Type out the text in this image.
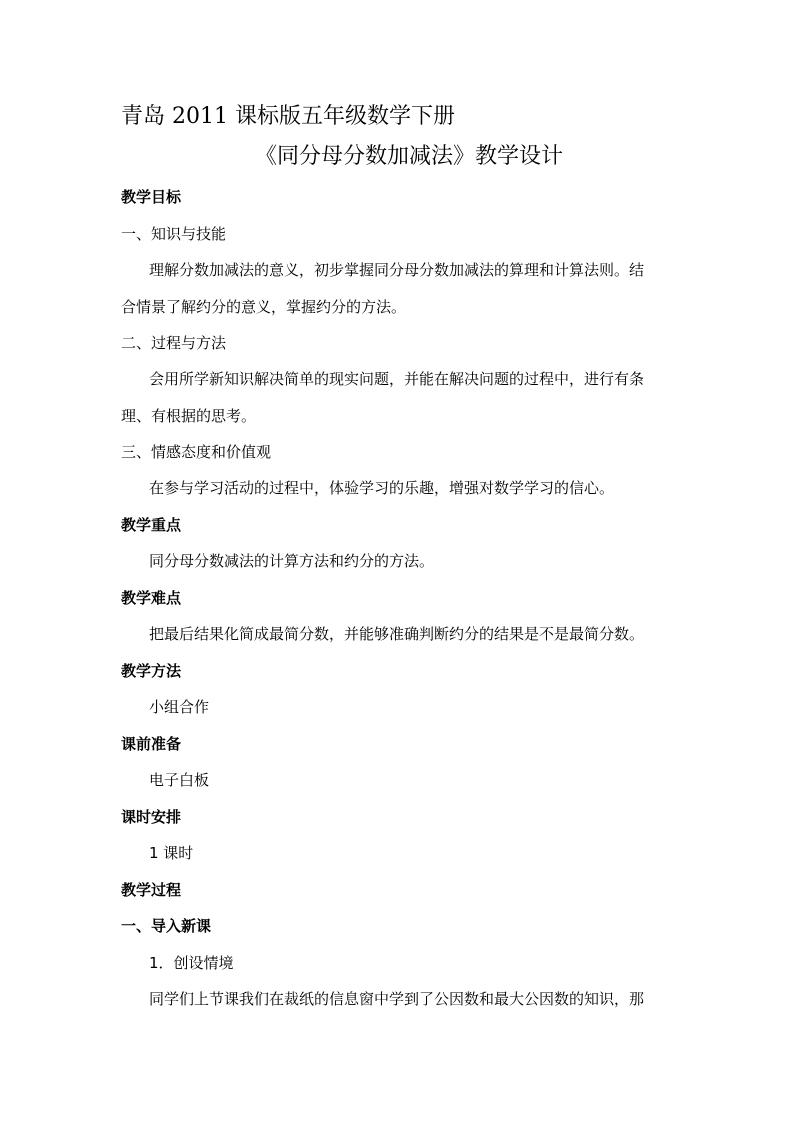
青岛 2011 课标版五年级数学下册
《同分母分数加减法》教学设计
教学目标
一、知识与技能
理解分数加减法的意义，初步掌握同分母分数加减法的算理和计算法则。结
合情景了解约分的意义，掌握约分的方法。
二、过程与方法
会用所学新知识解决简单的现实问题，并能在解决问题的过程中，进行有条
理、有根据的思考。
三、情感态度和价值观
在参与学习活动的过程中，体验学习的乐趣，增强对数学学习的信心。
教学重点
同分母分数减法的计算方法和约分的方法。
教学难点
把最后结果化简成最简分数，并能够准确判断约分的结果是不是最简分数。
教学方法
小组合作
课前准备
电子白板
课时安排
1 课时
教学过程
一、导入新课
1．创设情境
同学们上节课我们在裁纸的信息窗中学到了公因数和最大公因数的知识，那
